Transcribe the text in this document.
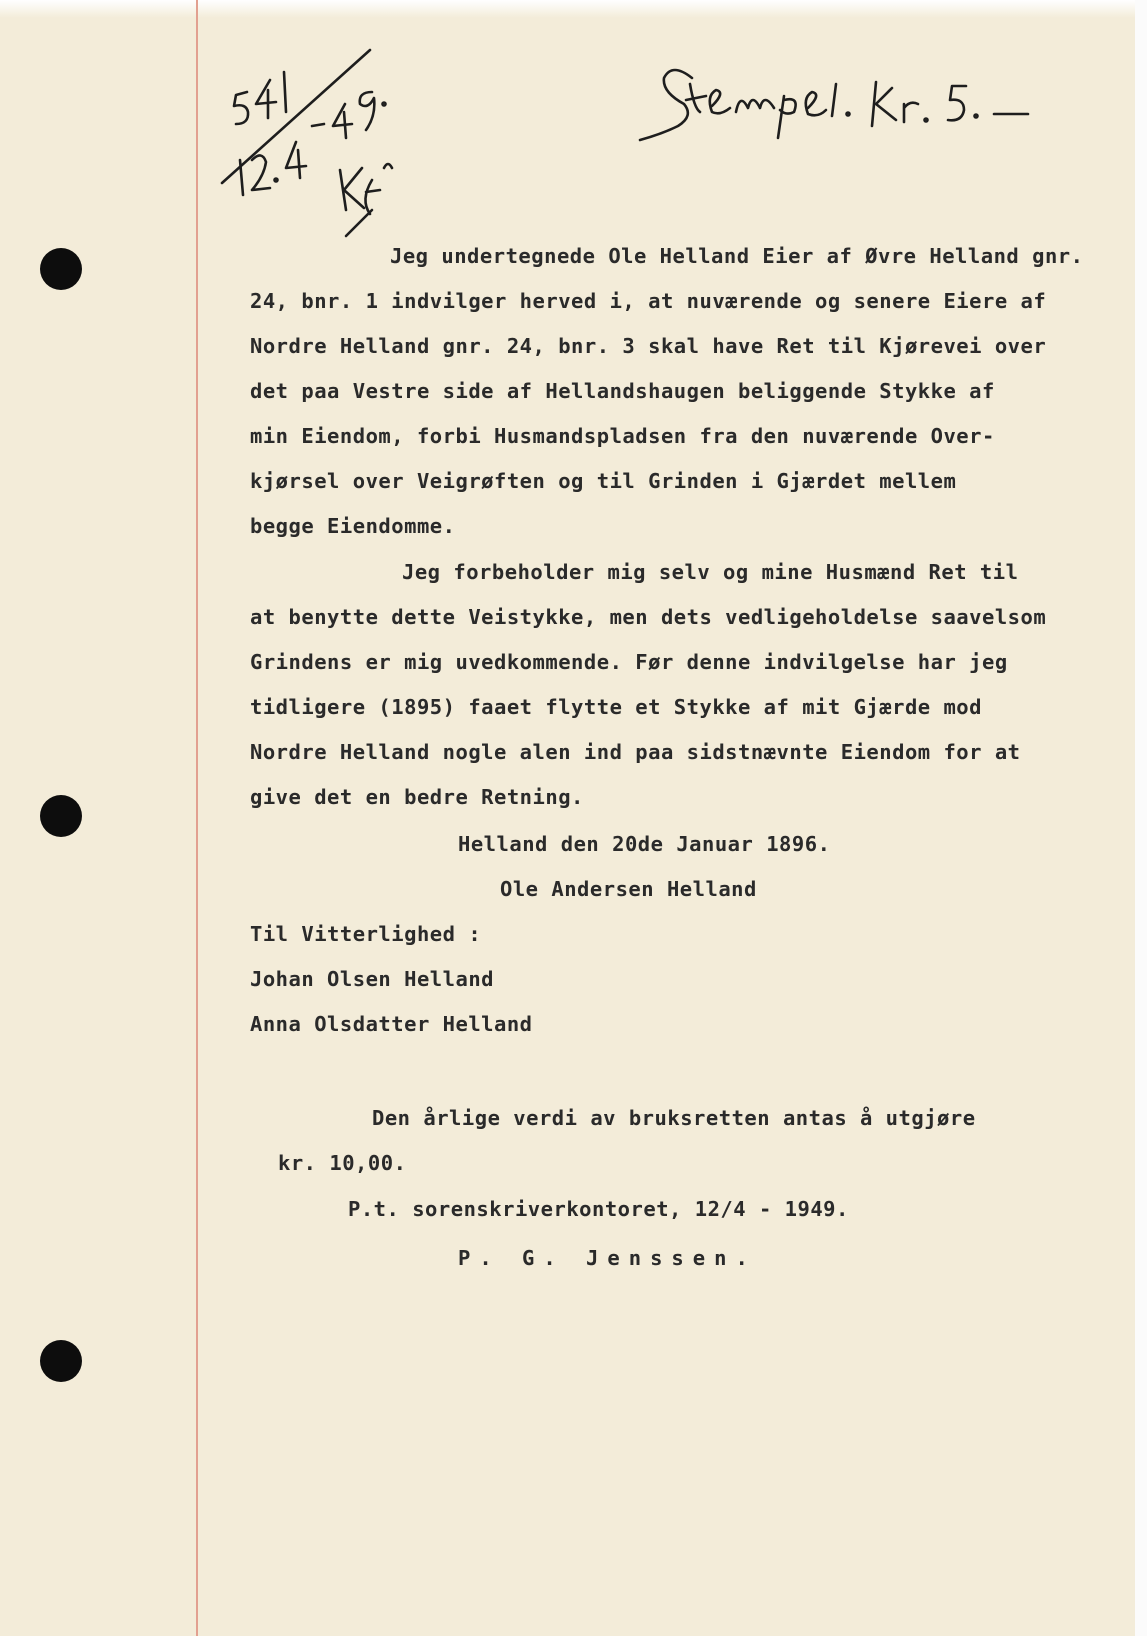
Jeg undertegnede Ole Helland Eier af Øvre Helland gnr.

24, bnr. 1 indvilger herved i, at nuværende og senere Eiere af

Nordre Helland gnr. 24, bnr. 3 skal have Ret til Kjørevei over

det paa Vestre side af Hellandshaugen beliggende Stykke af

min Eiendom, forbi Husmandspladsen fra den nuværende Over-

kjørsel over Veigrøften og til Grinden i Gjærdet mellem

begge Eiendomme.

Jeg forbeholder mig selv og mine Husmænd Ret til

at benytte dette Veistykke, men dets vedligeholdelse saavelsom

Grindens er mig uvedkommende. Før denne indvilgelse har jeg

tidligere (1895) faaet flytte et Stykke af mit Gjærde mod

Nordre Helland nogle alen ind paa sidstnævnte Eiendom for at

give det en bedre Retning.

Helland den 20de Januar 1896.

Ole Andersen Helland

Til Vitterlighed :

Johan Olsen Helland

Anna Olsdatter Helland

Den årlige verdi av bruksretten antas å utgjøre

kr. 10,00.

P.t. sorenskriverkontoret, 12/4 - 1949.

P. G. Jenssen.
